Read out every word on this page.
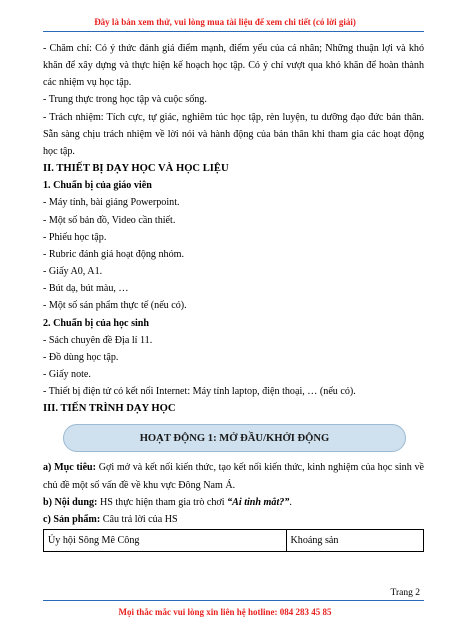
Đây là bản xem thử, vui lòng mua tài liệu để xem chi tiết (có lời giải)

- Chăm chỉ: Có ý thức đánh giá điểm mạnh, điểm yếu của cá nhân; Những thuận lợi và khó khăn để xây dựng và thực hiện kế hoạch học tập. Có ý chí vượt qua khó khăn để hoàn thành các nhiệm vụ học tập.

- Trung thực trong học tập và cuộc sống.

- Trách nhiệm: Tích cực, tự giác, nghiêm túc học tập, rèn luyện, tu dưỡng đạo đức bản thân. Sẵn sàng chịu trách nhiệm về lời nói và hành động của bản thân khi tham gia các hoạt động học tập.

II. THIẾT BỊ DẠY HỌC VÀ HỌC LIỆU

1. Chuẩn bị của giáo viên

- Máy tính, bài giảng Powerpoint.

- Một số bản đồ, Video cần thiết.

- Phiếu học tập.

- Rubric đánh giá hoạt động nhóm.

- Giấy A0, A1.

- Bút dạ, bút màu, …

- Một số sản phẩm thực tế (nếu có).

2. Chuẩn bị của học sinh

- Sách chuyên đề Địa lí 11.

- Đồ dùng học tập.

- Giấy note.

- Thiết bị điện tử có kết nối Internet: Máy tính laptop, điện thoại, … (nếu có).

III. TIẾN TRÌNH DẠY HỌC

HOẠT ĐỘNG 1: MỞ ĐẦU/KHỞI ĐỘNG

a) Mục tiêu: Gợi mở và kết nối kiến thức, tạo kết nối kiến thức, kinh nghiệm của học sinh về chủ đề một số vấn đề về khu vực Đông Nam Á.

b) Nội dung: HS thực hiện tham gia trò chơi “Ai tinh mắt?”.

c) Sản phẩm: Câu trả lời của HS

Ủy hội Sông Mê Công	Khoáng sản
Trang 2
Mọi thắc mắc vui lòng xin liên hệ hotline: 084 283 45 85
